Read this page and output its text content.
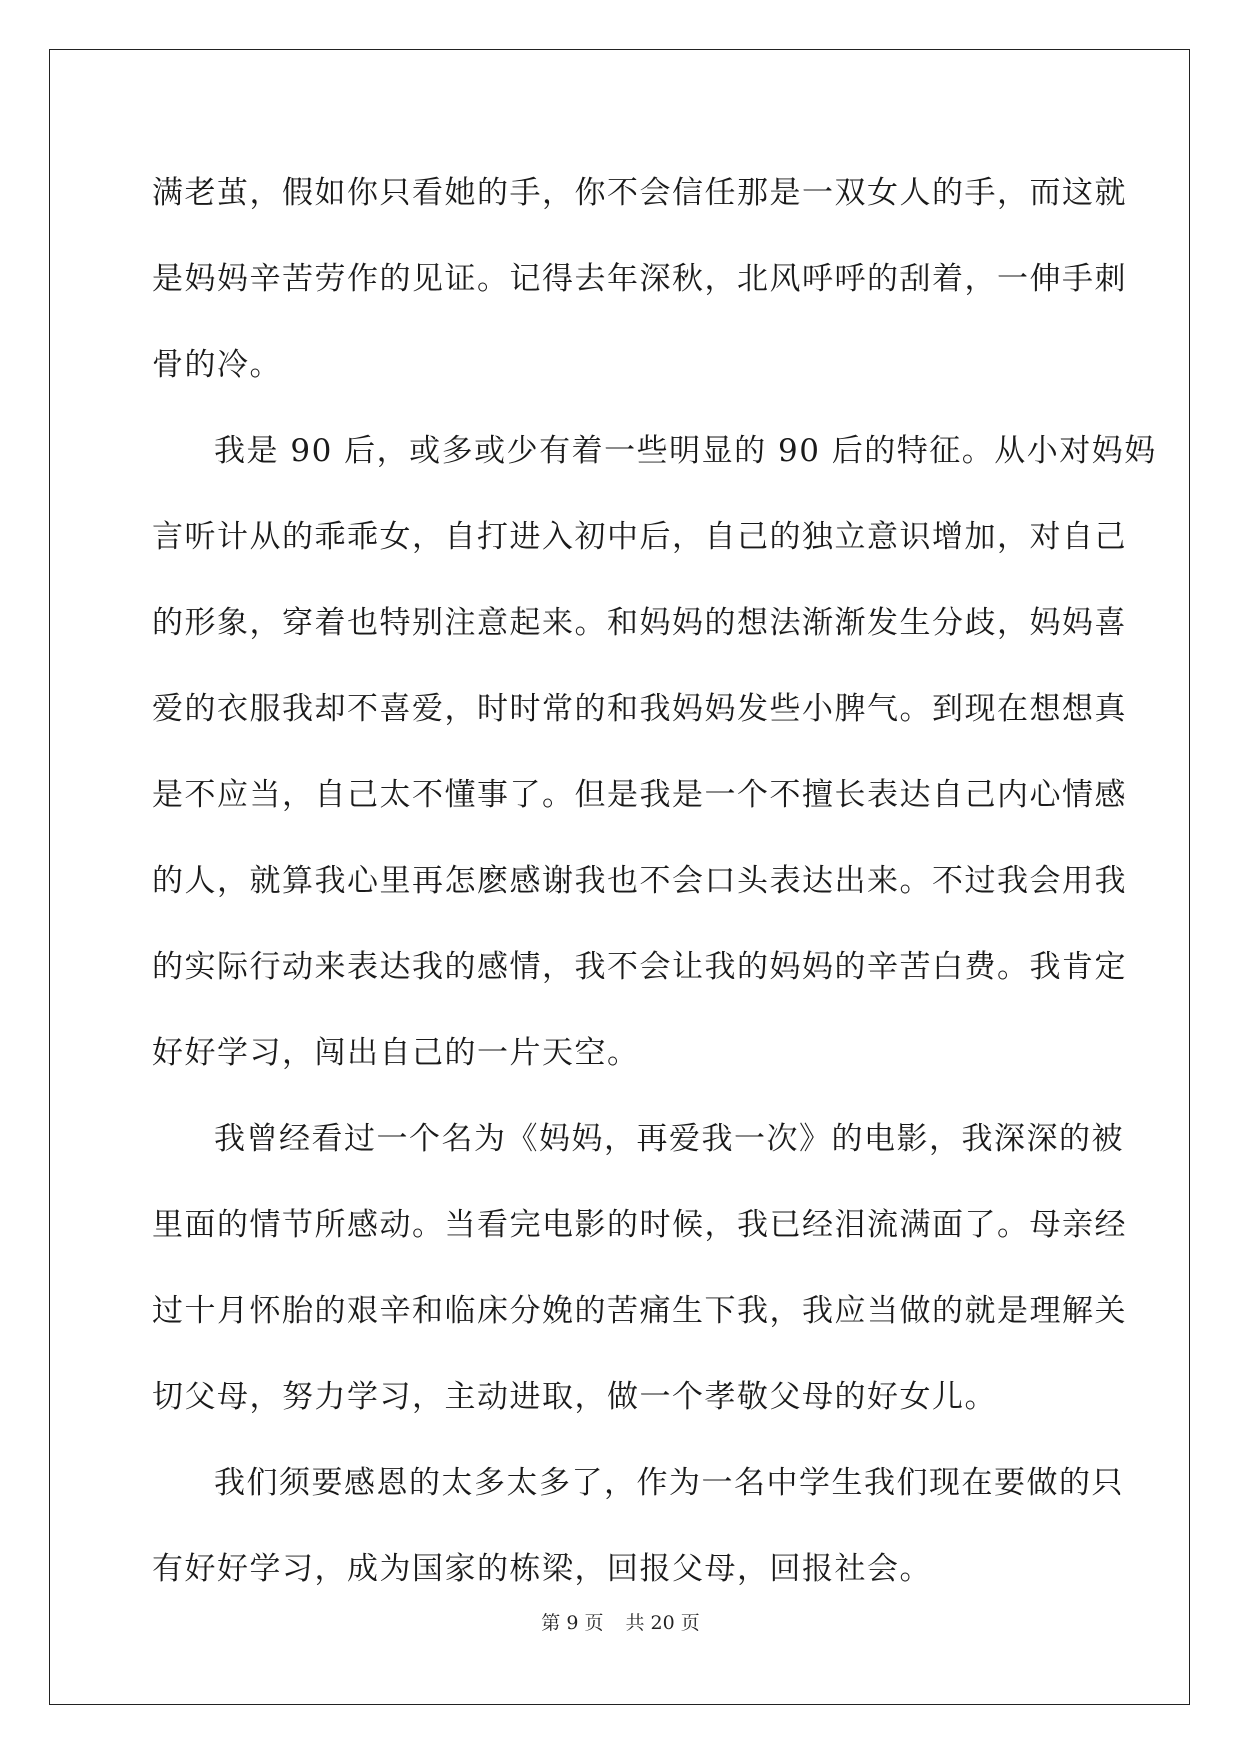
满老茧，假如你只看她的手，你不会信任那是一双女人的手，而这就
是妈妈辛苦劳作的见证。记得去年深秋，北风呼呼的刮着，一伸手刺
骨的冷。
我是 90 后，或多或少有着一些明显的 90 后的特征。从小对妈妈
言听计从的乖乖女，自打进入初中后，自己的独立意识增加，对自己
的形象，穿着也特别注意起来。和妈妈的想法渐渐发生分歧，妈妈喜
爱的衣服我却不喜爱，时时常的和我妈妈发些小脾气。到现在想想真
是不应当，自己太不懂事了。但是我是一个不擅长表达自己内心情感
的人，就算我心里再怎麽感谢我也不会口头表达出来。不过我会用我
的实际行动来表达我的感情，我不会让我的妈妈的辛苦白费。我肯定
好好学习，闯出自己的一片天空。
我曾经看过一个名为《妈妈，再爱我一次》的电影，我深深的被
里面的情节所感动。当看完电影的时候，我已经泪流满面了。母亲经
过十月怀胎的艰辛和临床分娩的苦痛生下我，我应当做的就是理解关
切父母，努力学习，主动进取，做一个孝敬父母的好女儿。
我们须要感恩的太多太多了，作为一名中学生我们现在要做的只
有好好学习，成为国家的栋梁，回报父母，回报社会。
第 9 页 共 20 页
